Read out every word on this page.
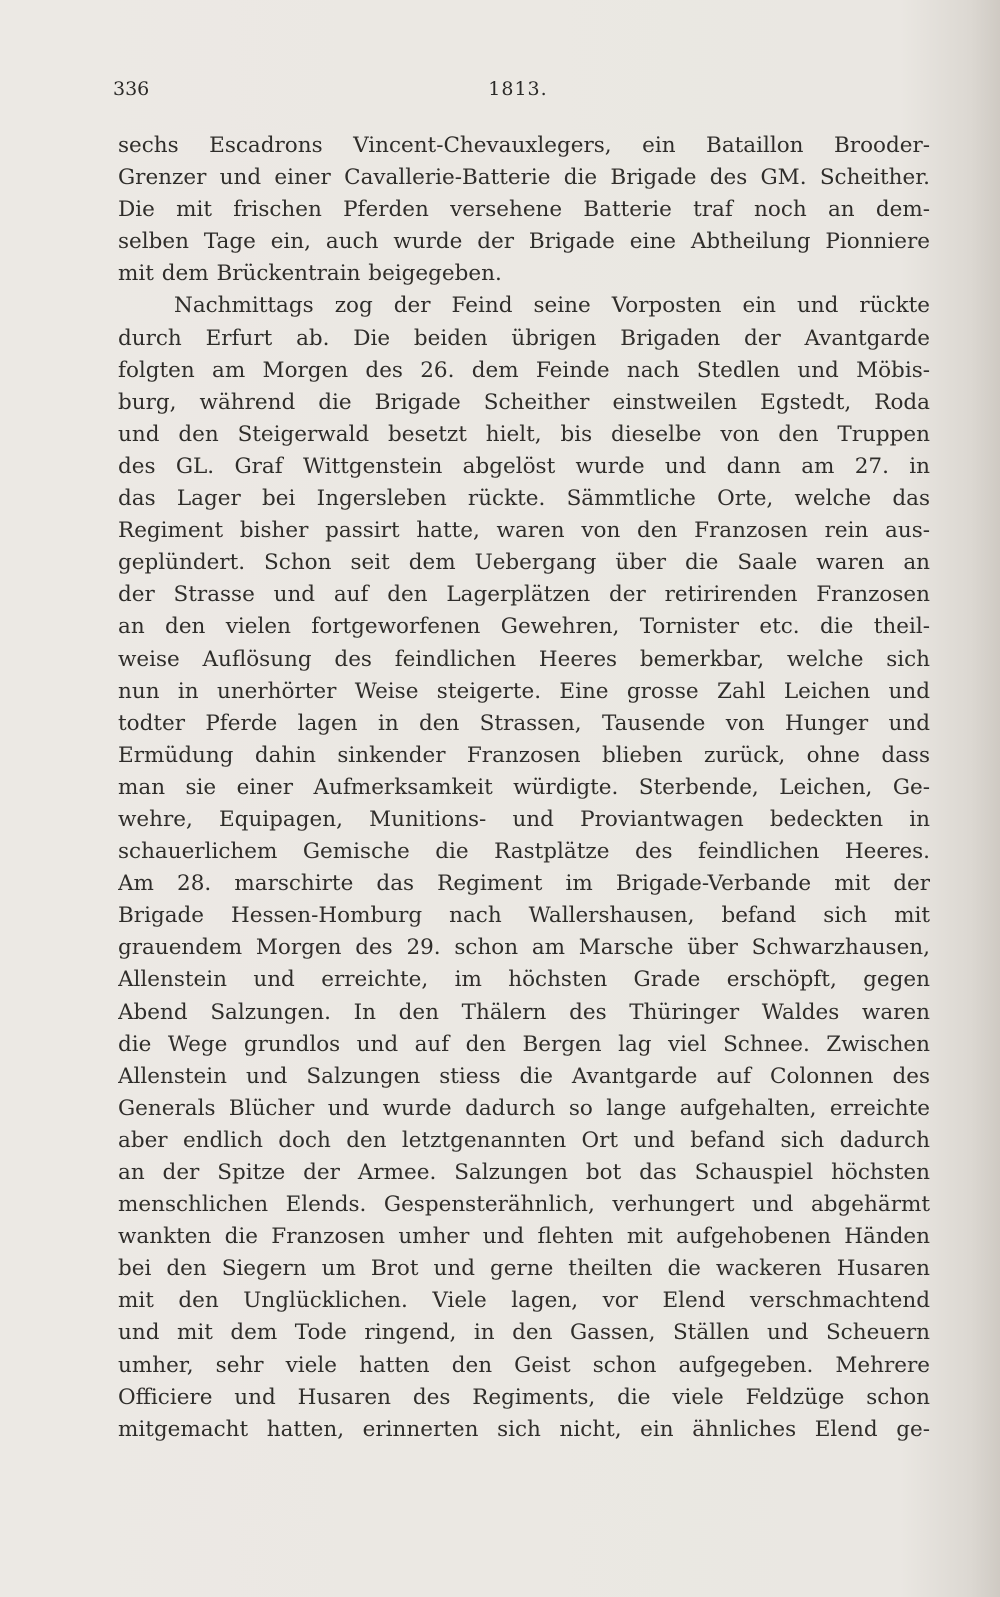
336	1813.
sechs Escadrons Vincent-Chevauxlegers, ein Bataillon Brooder-
Grenzer und einer Cavallerie-Batterie die Brigade des GM. Scheither.
Die mit frischen Pferden versehene Batterie traf noch an dem-
selben Tage ein, auch wurde der Brigade eine Abtheilung Pionniere
mit dem Brückentrain beigegeben.
Nachmittags zog der Feind seine Vorposten ein und rückte
durch Erfurt ab. Die beiden übrigen Brigaden der Avantgarde
folgten am Morgen des 26. dem Feinde nach Stedlen und Möbis-
burg, während die Brigade Scheither einstweilen Egstedt, Roda
und den Steigerwald besetzt hielt, bis dieselbe von den Truppen
des GL. Graf Wittgenstein abgelöst wurde und dann am 27. in
das Lager bei Ingersleben rückte. Sämmtliche Orte, welche das
Regiment bisher passirt hatte, waren von den Franzosen rein aus-
geplündert. Schon seit dem Uebergang über die Saale waren an
der Strasse und auf den Lagerplätzen der retirirenden Franzosen
an den vielen fortgeworfenen Gewehren, Tornister etc. die theil-
weise Auflösung des feindlichen Heeres bemerkbar, welche sich
nun in unerhörter Weise steigerte. Eine grosse Zahl Leichen und
todter Pferde lagen in den Strassen, Tausende von Hunger und
Ermüdung dahin sinkender Franzosen blieben zurück, ohne dass
man sie einer Aufmerksamkeit würdigte. Sterbende, Leichen, Ge-
wehre, Equipagen, Munitions- und Proviantwagen bedeckten in
schauerlichem Gemische die Rastplätze des feindlichen Heeres.
Am 28. marschirte das Regiment im Brigade-Verbande mit der
Brigade Hessen-Homburg nach Wallershausen, befand sich mit
grauendem Morgen des 29. schon am Marsche über Schwarzhausen,
Allenstein und erreichte, im höchsten Grade erschöpft, gegen
Abend Salzungen. In den Thälern des Thüringer Waldes waren
die Wege grundlos und auf den Bergen lag viel Schnee. Zwischen
Allenstein und Salzungen stiess die Avantgarde auf Colonnen des
Generals Blücher und wurde dadurch so lange aufgehalten, erreichte
aber endlich doch den letztgenannten Ort und befand sich dadurch
an der Spitze der Armee. Salzungen bot das Schauspiel höchsten
menschlichen Elends. Gespensterähnlich, verhungert und abgehärmt
wankten die Franzosen umher und flehten mit aufgehobenen Händen
bei den Siegern um Brot und gerne theilten die wackeren Husaren
mit den Unglücklichen. Viele lagen, vor Elend verschmachtend
und mit dem Tode ringend, in den Gassen, Ställen und Scheuern
umher, sehr viele hatten den Geist schon aufgegeben. Mehrere
Officiere und Husaren des Regiments, die viele Feldzüge schon
mitgemacht hatten, erinnerten sich nicht, ein ähnliches Elend ge-
